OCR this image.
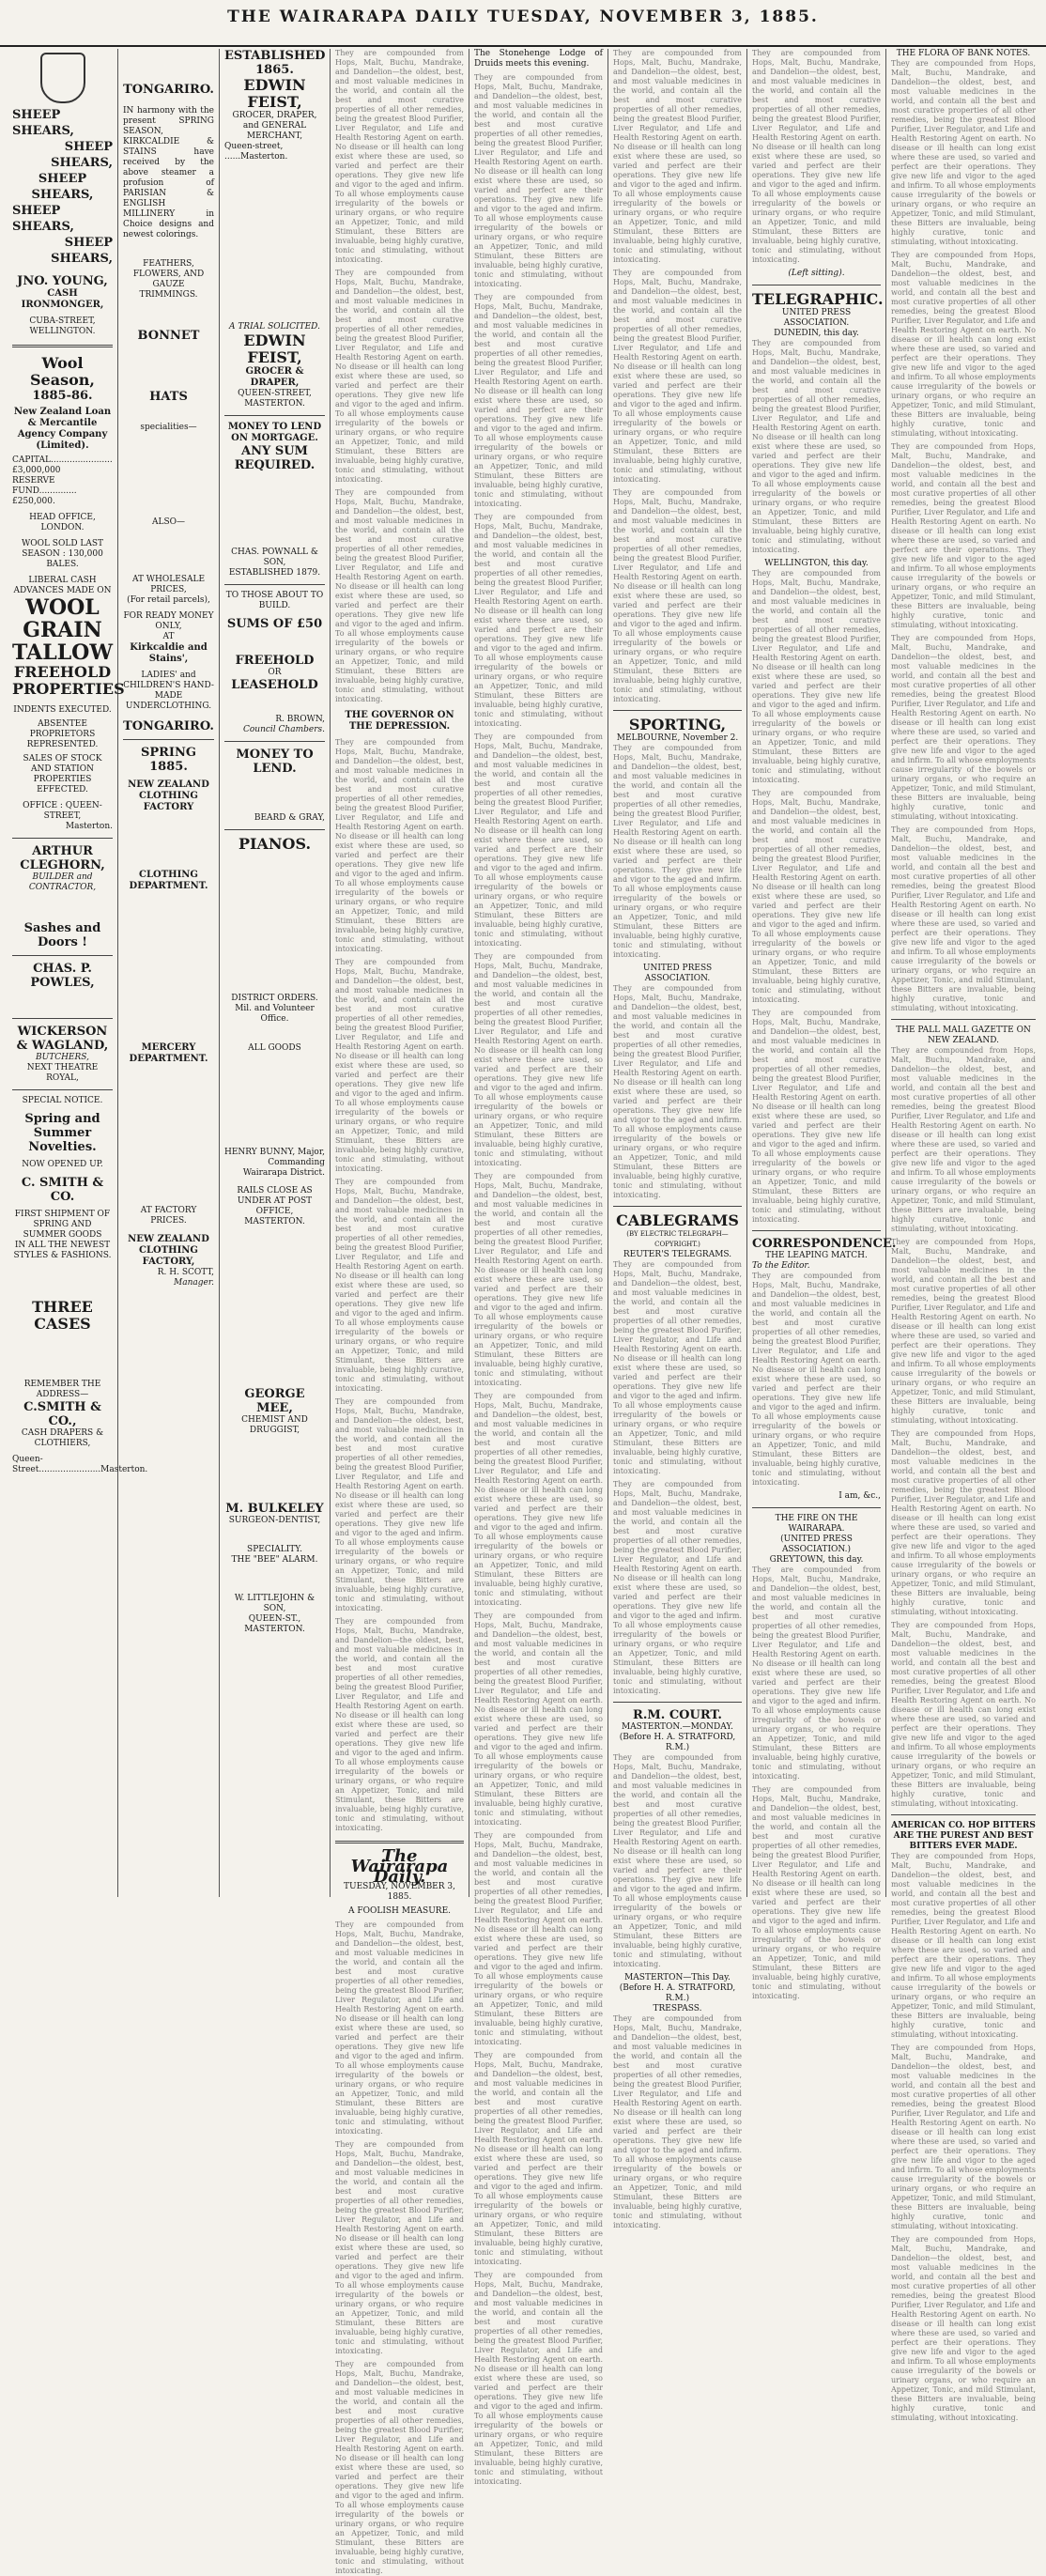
THE WAIRARAPA DAILY TUESDAY, NOVEMBER 3, 1885.
SHEEP SHEARS,
SHEEP SHEARS,
SHEEP SHEARS,
SHEEP SHEARS,
SHEEP SHEARS,
JNO. YOUNG,
CASH IRONMONGER,
CUBA-STREET, WELLINGTON.
Wool Season,
1885-86.
New Zealand Loan & Mercantile Agency Company (Limited).
CAPITAL.......................£3,000,000
RESERVE FUND..............£250,000.
HEAD OFFICE, LONDON.
WOOL SOLD LAST SEASON : 130,000 BALES.
LIBERAL CASH ADVANCES MADE ON
WOOL
GRAIN
TALLOW
FREEHOLD
PROPERTIES
INDENTS EXECUTED.
ABSENTEE PROPRIETORS REPRESENTED.
SALES OF STOCK AND STATION PROPERTIES EFFECTED.
OFFICE : QUEEN-STREET,
Masterton.
ARTHUR CLEGHORN,
BUILDER and CONTRACTOR,
Sashes and Doors !
CHAS. P. POWLES,
WICKERSON & WAGLAND,
BUTCHERS,
NEXT THEATRE ROYAL,
SPECIAL NOTICE.
Spring and Summer Novelties.
NOW OPENED UP.
C. SMITH & CO.
FIRST SHIPMENT OF
SPRING AND SUMMER GOODS
IN ALL THE NEWEST STYLES & FASHIONS.
THREE CASES
REMEMBER THE ADDRESS—
C.SMITH & CO.,
CASH DRAPERS & CLOTHIERS,
Queen-Street.......................Masterton.
TONGARIRO.

IN harmony with the present SPRING SEASON, KIRKCALDIE & STAINS have received by the above steamer a profusion of PARISIAN & ENGLISH MILLINERY in Choice designs and newest colorings.

FEATHERS,
FLOWERS, AND GAUZE TRIMMINGS.
BONNET
HATS
specialities—
ALSO—
AT WHOLESALE PRICES,
(For retail parcels),
FOR READY MONEY ONLY,
AT
Kirkcaldie and Stains',
LADIES' and CHILDREN'S HAND-MADE
UNDERCLOTHING.
TONGARIRO.
SPRING 1885.
NEW ZEALAND CLOTHING FACTORY
CLOTHING DEPARTMENT.
MERCERY DEPARTMENT.
AT FACTORY PRICES.
NEW ZEALAND CLOTHING FACTORY,
R. H. SCOTT,
Manager.
ESTABLISHED 1865.
EDWIN FEIST,
GROCER, DRAPER, and GENERAL MERCHANT,
Queen-street, ......Masterton.
A TRIAL SOLICITED.
EDWIN FEIST,
GROCER & DRAPER,
QUEEN-STREET, MASTERTON.
MONEY TO LEND ON MORTGAGE.
ANY SUM REQUIRED.
CHAS. POWNALL & SON,
ESTABLISHED 1879.
TO THOSE ABOUT TO BUILD.
SUMS OF £50
FREEHOLD
OR
LEASEHOLD
R. BROWN,
Council Chambers.
MONEY TO LEND.
BEARD & GRAY,
PIANOS.
DISTRICT ORDERS.
Mil. and Volunteer Office.
ALL GOODS
HENRY BUNNY, Major,
Commanding Wairarapa District.
RAILS CLOSE AS UNDER AT POST OFFICE, MASTERTON.
GEORGE MEE,
CHEMIST AND DRUGGIST,
M. BULKELEY
SURGEON-DENTIST,
SPECIALITY.
THE "BEE" ALARM.
W. LITTLEJOHN & SON,
QUEEN-ST., MASTERTON.

They are compounded from Hops, Malt, Buchu, Mandrake, and Dandelion—the oldest, best, and most valuable medicines in the world, and contain all the best and most curative properties of all other remedies, being the greatest Blood Purifier, Liver Regulator, and Life and Health Restoring Agent on earth. No disease or ill health can long exist where these are used, so varied and perfect are their operations. They give new life and vigor to the aged and infirm. To all whose employments cause irregularity of the bowels or urinary organs, or who require an Appetizer, Tonic, and mild Stimulant, these Bitters are invaluable, being highly curative, tonic and stimulating, without intoxicating.

They are compounded from Hops, Malt, Buchu, Mandrake, and Dandelion—the oldest, best, and most valuable medicines in the world, and contain all the best and most curative properties of all other remedies, being the greatest Blood Purifier, Liver Regulator, and Life and Health Restoring Agent on earth. No disease or ill health can long exist where these are used, so varied and perfect are their operations. They give new life and vigor to the aged and infirm. To all whose employments cause irregularity of the bowels or urinary organs, or who require an Appetizer, Tonic, and mild Stimulant, these Bitters are invaluable, being highly curative, tonic and stimulating, without intoxicating.

They are compounded from Hops, Malt, Buchu, Mandrake, and Dandelion—the oldest, best, and most valuable medicines in the world, and contain all the best and most curative properties of all other remedies, being the greatest Blood Purifier, Liver Regulator, and Life and Health Restoring Agent on earth. No disease or ill health can long exist where these are used, so varied and perfect are their operations. They give new life and vigor to the aged and infirm. To all whose employments cause irregularity of the bowels or urinary organs, or who require an Appetizer, Tonic, and mild Stimulant, these Bitters are invaluable, being highly curative, tonic and stimulating, without intoxicating.

THE GOVERNOR ON THE DEPRESSION.

They are compounded from Hops, Malt, Buchu, Mandrake, and Dandelion—the oldest, best, and most valuable medicines in the world, and contain all the best and most curative properties of all other remedies, being the greatest Blood Purifier, Liver Regulator, and Life and Health Restoring Agent on earth. No disease or ill health can long exist where these are used, so varied and perfect are their operations. They give new life and vigor to the aged and infirm. To all whose employments cause irregularity of the bowels or urinary organs, or who require an Appetizer, Tonic, and mild Stimulant, these Bitters are invaluable, being highly curative, tonic and stimulating, without intoxicating.

They are compounded from Hops, Malt, Buchu, Mandrake, and Dandelion—the oldest, best, and most valuable medicines in the world, and contain all the best and most curative properties of all other remedies, being the greatest Blood Purifier, Liver Regulator, and Life and Health Restoring Agent on earth. No disease or ill health can long exist where these are used, so varied and perfect are their operations. They give new life and vigor to the aged and infirm. To all whose employments cause irregularity of the bowels or urinary organs, or who require an Appetizer, Tonic, and mild Stimulant, these Bitters are invaluable, being highly curative, tonic and stimulating, without intoxicating.

They are compounded from Hops, Malt, Buchu, Mandrake, and Dandelion—the oldest, best, and most valuable medicines in the world, and contain all the best and most curative properties of all other remedies, being the greatest Blood Purifier, Liver Regulator, and Life and Health Restoring Agent on earth. No disease or ill health can long exist where these are used, so varied and perfect are their operations. They give new life and vigor to the aged and infirm. To all whose employments cause irregularity of the bowels or urinary organs, or who require an Appetizer, Tonic, and mild Stimulant, these Bitters are invaluable, being highly curative, tonic and stimulating, without intoxicating.

They are compounded from Hops, Malt, Buchu, Mandrake, and Dandelion—the oldest, best, and most valuable medicines in the world, and contain all the best and most curative properties of all other remedies, being the greatest Blood Purifier, Liver Regulator, and Life and Health Restoring Agent on earth. No disease or ill health can long exist where these are used, so varied and perfect are their operations. They give new life and vigor to the aged and infirm. To all whose employments cause irregularity of the bowels or urinary organs, or who require an Appetizer, Tonic, and mild Stimulant, these Bitters are invaluable, being highly curative, tonic and stimulating, without intoxicating.

They are compounded from Hops, Malt, Buchu, Mandrake, and Dandelion—the oldest, best, and most valuable medicines in the world, and contain all the best and most curative properties of all other remedies, being the greatest Blood Purifier, Liver Regulator, and Life and Health Restoring Agent on earth. No disease or ill health can long exist where these are used, so varied and perfect are their operations. They give new life and vigor to the aged and infirm. To all whose employments cause irregularity of the bowels or urinary organs, or who require an Appetizer, Tonic, and mild Stimulant, these Bitters are invaluable, being highly curative, tonic and stimulating, without intoxicating.

The Wairarapa Daily.
TUESDAY, NOVEMBER 3, 1885.
A FOOLISH MEASURE.

They are compounded from Hops, Malt, Buchu, Mandrake, and Dandelion—the oldest, best, and most valuable medicines in the world, and contain all the best and most curative properties of all other remedies, being the greatest Blood Purifier, Liver Regulator, and Life and Health Restoring Agent on earth. No disease or ill health can long exist where these are used, so varied and perfect are their operations. They give new life and vigor to the aged and infirm. To all whose employments cause irregularity of the bowels or urinary organs, or who require an Appetizer, Tonic, and mild Stimulant, these Bitters are invaluable, being highly curative, tonic and stimulating, without intoxicating.

They are compounded from Hops, Malt, Buchu, Mandrake, and Dandelion—the oldest, best, and most valuable medicines in the world, and contain all the best and most curative properties of all other remedies, being the greatest Blood Purifier, Liver Regulator, and Life and Health Restoring Agent on earth. No disease or ill health can long exist where these are used, so varied and perfect are their operations. They give new life and vigor to the aged and infirm. To all whose employments cause irregularity of the bowels or urinary organs, or who require an Appetizer, Tonic, and mild Stimulant, these Bitters are invaluable, being highly curative, tonic and stimulating, without intoxicating.

They are compounded from Hops, Malt, Buchu, Mandrake, and Dandelion—the oldest, best, and most valuable medicines in the world, and contain all the best and most curative properties of all other remedies, being the greatest Blood Purifier, Liver Regulator, and Life and Health Restoring Agent on earth. No disease or ill health can long exist where these are used, so varied and perfect are their operations. They give new life and vigor to the aged and infirm. To all whose employments cause irregularity of the bowels or urinary organs, or who require an Appetizer, Tonic, and mild Stimulant, these Bitters are invaluable, being highly curative, tonic and stimulating, without intoxicating.

The Stonehenge Lodge of Druids meets this evening.

They are compounded from Hops, Malt, Buchu, Mandrake, and Dandelion—the oldest, best, and most valuable medicines in the world, and contain all the best and most curative properties of all other remedies, being the greatest Blood Purifier, Liver Regulator, and Life and Health Restoring Agent on earth. No disease or ill health can long exist where these are used, so varied and perfect are their operations. They give new life and vigor to the aged and infirm. To all whose employments cause irregularity of the bowels or urinary organs, or who require an Appetizer, Tonic, and mild Stimulant, these Bitters are invaluable, being highly curative, tonic and stimulating, without intoxicating.

They are compounded from Hops, Malt, Buchu, Mandrake, and Dandelion—the oldest, best, and most valuable medicines in the world, and contain all the best and most curative properties of all other remedies, being the greatest Blood Purifier, Liver Regulator, and Life and Health Restoring Agent on earth. No disease or ill health can long exist where these are used, so varied and perfect are their operations. They give new life and vigor to the aged and infirm. To all whose employments cause irregularity of the bowels or urinary organs, or who require an Appetizer, Tonic, and mild Stimulant, these Bitters are invaluable, being highly curative, tonic and stimulating, without intoxicating.

They are compounded from Hops, Malt, Buchu, Mandrake, and Dandelion—the oldest, best, and most valuable medicines in the world, and contain all the best and most curative properties of all other remedies, being the greatest Blood Purifier, Liver Regulator, and Life and Health Restoring Agent on earth. No disease or ill health can long exist where these are used, so varied and perfect are their operations. They give new life and vigor to the aged and infirm. To all whose employments cause irregularity of the bowels or urinary organs, or who require an Appetizer, Tonic, and mild Stimulant, these Bitters are invaluable, being highly curative, tonic and stimulating, without intoxicating.

They are compounded from Hops, Malt, Buchu, Mandrake, and Dandelion—the oldest, best, and most valuable medicines in the world, and contain all the best and most curative properties of all other remedies, being the greatest Blood Purifier, Liver Regulator, and Life and Health Restoring Agent on earth. No disease or ill health can long exist where these are used, so varied and perfect are their operations. They give new life and vigor to the aged and infirm. To all whose employments cause irregularity of the bowels or urinary organs, or who require an Appetizer, Tonic, and mild Stimulant, these Bitters are invaluable, being highly curative, tonic and stimulating, without intoxicating.

They are compounded from Hops, Malt, Buchu, Mandrake, and Dandelion—the oldest, best, and most valuable medicines in the world, and contain all the best and most curative properties of all other remedies, being the greatest Blood Purifier, Liver Regulator, and Life and Health Restoring Agent on earth. No disease or ill health can long exist where these are used, so varied and perfect are their operations. They give new life and vigor to the aged and infirm. To all whose employments cause irregularity of the bowels or urinary organs, or who require an Appetizer, Tonic, and mild Stimulant, these Bitters are invaluable, being highly curative, tonic and stimulating, without intoxicating.

They are compounded from Hops, Malt, Buchu, Mandrake, and Dandelion—the oldest, best, and most valuable medicines in the world, and contain all the best and most curative properties of all other remedies, being the greatest Blood Purifier, Liver Regulator, and Life and Health Restoring Agent on earth. No disease or ill health can long exist where these are used, so varied and perfect are their operations. They give new life and vigor to the aged and infirm. To all whose employments cause irregularity of the bowels or urinary organs, or who require an Appetizer, Tonic, and mild Stimulant, these Bitters are invaluable, being highly curative, tonic and stimulating, without intoxicating.

They are compounded from Hops, Malt, Buchu, Mandrake, and Dandelion—the oldest, best, and most valuable medicines in the world, and contain all the best and most curative properties of all other remedies, being the greatest Blood Purifier, Liver Regulator, and Life and Health Restoring Agent on earth. No disease or ill health can long exist where these are used, so varied and perfect are their operations. They give new life and vigor to the aged and infirm. To all whose employments cause irregularity of the bowels or urinary organs, or who require an Appetizer, Tonic, and mild Stimulant, these Bitters are invaluable, being highly curative, tonic and stimulating, without intoxicating.

They are compounded from Hops, Malt, Buchu, Mandrake, and Dandelion—the oldest, best, and most valuable medicines in the world, and contain all the best and most curative properties of all other remedies, being the greatest Blood Purifier, Liver Regulator, and Life and Health Restoring Agent on earth. No disease or ill health can long exist where these are used, so varied and perfect are their operations. They give new life and vigor to the aged and infirm. To all whose employments cause irregularity of the bowels or urinary organs, or who require an Appetizer, Tonic, and mild Stimulant, these Bitters are invaluable, being highly curative, tonic and stimulating, without intoxicating.

They are compounded from Hops, Malt, Buchu, Mandrake, and Dandelion—the oldest, best, and most valuable medicines in the world, and contain all the best and most curative properties of all other remedies, being the greatest Blood Purifier, Liver Regulator, and Life and Health Restoring Agent on earth. No disease or ill health can long exist where these are used, so varied and perfect are their operations. They give new life and vigor to the aged and infirm. To all whose employments cause irregularity of the bowels or urinary organs, or who require an Appetizer, Tonic, and mild Stimulant, these Bitters are invaluable, being highly curative, tonic and stimulating, without intoxicating.

They are compounded from Hops, Malt, Buchu, Mandrake, and Dandelion—the oldest, best, and most valuable medicines in the world, and contain all the best and most curative properties of all other remedies, being the greatest Blood Purifier, Liver Regulator, and Life and Health Restoring Agent on earth. No disease or ill health can long exist where these are used, so varied and perfect are their operations. They give new life and vigor to the aged and infirm. To all whose employments cause irregularity of the bowels or urinary organs, or who require an Appetizer, Tonic, and mild Stimulant, these Bitters are invaluable, being highly curative, tonic and stimulating, without intoxicating.

They are compounded from Hops, Malt, Buchu, Mandrake, and Dandelion—the oldest, best, and most valuable medicines in the world, and contain all the best and most curative properties of all other remedies, being the greatest Blood Purifier, Liver Regulator, and Life and Health Restoring Agent on earth. No disease or ill health can long exist where these are used, so varied and perfect are their operations. They give new life and vigor to the aged and infirm. To all whose employments cause irregularity of the bowels or urinary organs, or who require an Appetizer, Tonic, and mild Stimulant, these Bitters are invaluable, being highly curative, tonic and stimulating, without intoxicating.

They are compounded from Hops, Malt, Buchu, Mandrake, and Dandelion—the oldest, best, and most valuable medicines in the world, and contain all the best and most curative properties of all other remedies, being the greatest Blood Purifier, Liver Regulator, and Life and Health Restoring Agent on earth. No disease or ill health can long exist where these are used, so varied and perfect are their operations. They give new life and vigor to the aged and infirm. To all whose employments cause irregularity of the bowels or urinary organs, or who require an Appetizer, Tonic, and mild Stimulant, these Bitters are invaluable, being highly curative, tonic and stimulating, without intoxicating.

They are compounded from Hops, Malt, Buchu, Mandrake, and Dandelion—the oldest, best, and most valuable medicines in the world, and contain all the best and most curative properties of all other remedies, being the greatest Blood Purifier, Liver Regulator, and Life and Health Restoring Agent on earth. No disease or ill health can long exist where these are used, so varied and perfect are their operations. They give new life and vigor to the aged and infirm. To all whose employments cause irregularity of the bowels or urinary organs, or who require an Appetizer, Tonic, and mild Stimulant, these Bitters are invaluable, being highly curative, tonic and stimulating, without intoxicating.

They are compounded from Hops, Malt, Buchu, Mandrake, and Dandelion—the oldest, best, and most valuable medicines in the world, and contain all the best and most curative properties of all other remedies, being the greatest Blood Purifier, Liver Regulator, and Life and Health Restoring Agent on earth. No disease or ill health can long exist where these are used, so varied and perfect are their operations. They give new life and vigor to the aged and infirm. To all whose employments cause irregularity of the bowels or urinary organs, or who require an Appetizer, Tonic, and mild Stimulant, these Bitters are invaluable, being highly curative, tonic and stimulating, without intoxicating.

SPORTING,
MELBOURNE, November 2.

They are compounded from Hops, Malt, Buchu, Mandrake, and Dandelion—the oldest, best, and most valuable medicines in the world, and contain all the best and most curative properties of all other remedies, being the greatest Blood Purifier, Liver Regulator, and Life and Health Restoring Agent on earth. No disease or ill health can long exist where these are used, so varied and perfect are their operations. They give new life and vigor to the aged and infirm. To all whose employments cause irregularity of the bowels or urinary organs, or who require an Appetizer, Tonic, and mild Stimulant, these Bitters are invaluable, being highly curative, tonic and stimulating, without intoxicating.

UNITED PRESS ASSOCIATION.

They are compounded from Hops, Malt, Buchu, Mandrake, and Dandelion—the oldest, best, and most valuable medicines in the world, and contain all the best and most curative properties of all other remedies, being the greatest Blood Purifier, Liver Regulator, and Life and Health Restoring Agent on earth. No disease or ill health can long exist where these are used, so varied and perfect are their operations. They give new life and vigor to the aged and infirm. To all whose employments cause irregularity of the bowels or urinary organs, or who require an Appetizer, Tonic, and mild Stimulant, these Bitters are invaluable, being highly curative, tonic and stimulating, without intoxicating.

CABLEGRAMS
(BY ELECTRIC TELEGRAPH—COPYRIGHT.)
REUTER'S TELEGRAMS.

They are compounded from Hops, Malt, Buchu, Mandrake, and Dandelion—the oldest, best, and most valuable medicines in the world, and contain all the best and most curative properties of all other remedies, being the greatest Blood Purifier, Liver Regulator, and Life and Health Restoring Agent on earth. No disease or ill health can long exist where these are used, so varied and perfect are their operations. They give new life and vigor to the aged and infirm. To all whose employments cause irregularity of the bowels or urinary organs, or who require an Appetizer, Tonic, and mild Stimulant, these Bitters are invaluable, being highly curative, tonic and stimulating, without intoxicating.

They are compounded from Hops, Malt, Buchu, Mandrake, and Dandelion—the oldest, best, and most valuable medicines in the world, and contain all the best and most curative properties of all other remedies, being the greatest Blood Purifier, Liver Regulator, and Life and Health Restoring Agent on earth. No disease or ill health can long exist where these are used, so varied and perfect are their operations. They give new life and vigor to the aged and infirm. To all whose employments cause irregularity of the bowels or urinary organs, or who require an Appetizer, Tonic, and mild Stimulant, these Bitters are invaluable, being highly curative, tonic and stimulating, without intoxicating.

R.M. COURT.
MASTERTON.—MONDAY.
(Before H. A. STRATFORD, R.M.)

They are compounded from Hops, Malt, Buchu, Mandrake, and Dandelion—the oldest, best, and most valuable medicines in the world, and contain all the best and most curative properties of all other remedies, being the greatest Blood Purifier, Liver Regulator, and Life and Health Restoring Agent on earth. No disease or ill health can long exist where these are used, so varied and perfect are their operations. They give new life and vigor to the aged and infirm. To all whose employments cause irregularity of the bowels or urinary organs, or who require an Appetizer, Tonic, and mild Stimulant, these Bitters are invaluable, being highly curative, tonic and stimulating, without intoxicating.

MASTERTON—This Day.
(Before H. A. STRATFORD, R.M.)
TRESPASS.

They are compounded from Hops, Malt, Buchu, Mandrake, and Dandelion—the oldest, best, and most valuable medicines in the world, and contain all the best and most curative properties of all other remedies, being the greatest Blood Purifier, Liver Regulator, and Life and Health Restoring Agent on earth. No disease or ill health can long exist where these are used, so varied and perfect are their operations. They give new life and vigor to the aged and infirm. To all whose employments cause irregularity of the bowels or urinary organs, or who require an Appetizer, Tonic, and mild Stimulant, these Bitters are invaluable, being highly curative, tonic and stimulating, without intoxicating.

They are compounded from Hops, Malt, Buchu, Mandrake, and Dandelion—the oldest, best, and most valuable medicines in the world, and contain all the best and most curative properties of all other remedies, being the greatest Blood Purifier, Liver Regulator, and Life and Health Restoring Agent on earth. No disease or ill health can long exist where these are used, so varied and perfect are their operations. They give new life and vigor to the aged and infirm. To all whose employments cause irregularity of the bowels or urinary organs, or who require an Appetizer, Tonic, and mild Stimulant, these Bitters are invaluable, being highly curative, tonic and stimulating, without intoxicating.

(Left sitting).
TELEGRAPHIC.
UNITED PRESS ASSOCIATION.
DUNEDIN, this day.

They are compounded from Hops, Malt, Buchu, Mandrake, and Dandelion—the oldest, best, and most valuable medicines in the world, and contain all the best and most curative properties of all other remedies, being the greatest Blood Purifier, Liver Regulator, and Life and Health Restoring Agent on earth. No disease or ill health can long exist where these are used, so varied and perfect are their operations. They give new life and vigor to the aged and infirm. To all whose employments cause irregularity of the bowels or urinary organs, or who require an Appetizer, Tonic, and mild Stimulant, these Bitters are invaluable, being highly curative, tonic and stimulating, without intoxicating.

WELLINGTON, this day.

They are compounded from Hops, Malt, Buchu, Mandrake, and Dandelion—the oldest, best, and most valuable medicines in the world, and contain all the best and most curative properties of all other remedies, being the greatest Blood Purifier, Liver Regulator, and Life and Health Restoring Agent on earth. No disease or ill health can long exist where these are used, so varied and perfect are their operations. They give new life and vigor to the aged and infirm. To all whose employments cause irregularity of the bowels or urinary organs, or who require an Appetizer, Tonic, and mild Stimulant, these Bitters are invaluable, being highly curative, tonic and stimulating, without intoxicating.

They are compounded from Hops, Malt, Buchu, Mandrake, and Dandelion—the oldest, best, and most valuable medicines in the world, and contain all the best and most curative properties of all other remedies, being the greatest Blood Purifier, Liver Regulator, and Life and Health Restoring Agent on earth. No disease or ill health can long exist where these are used, so varied and perfect are their operations. They give new life and vigor to the aged and infirm. To all whose employments cause irregularity of the bowels or urinary organs, or who require an Appetizer, Tonic, and mild Stimulant, these Bitters are invaluable, being highly curative, tonic and stimulating, without intoxicating.

They are compounded from Hops, Malt, Buchu, Mandrake, and Dandelion—the oldest, best, and most valuable medicines in the world, and contain all the best and most curative properties of all other remedies, being the greatest Blood Purifier, Liver Regulator, and Life and Health Restoring Agent on earth. No disease or ill health can long exist where these are used, so varied and perfect are their operations. They give new life and vigor to the aged and infirm. To all whose employments cause irregularity of the bowels or urinary organs, or who require an Appetizer, Tonic, and mild Stimulant, these Bitters are invaluable, being highly curative, tonic and stimulating, without intoxicating.

CORRESPONDENCE.
THE LEAPING MATCH.
To the Editor.

They are compounded from Hops, Malt, Buchu, Mandrake, and Dandelion—the oldest, best, and most valuable medicines in the world, and contain all the best and most curative properties of all other remedies, being the greatest Blood Purifier, Liver Regulator, and Life and Health Restoring Agent on earth. No disease or ill health can long exist where these are used, so varied and perfect are their operations. They give new life and vigor to the aged and infirm. To all whose employments cause irregularity of the bowels or urinary organs, or who require an Appetizer, Tonic, and mild Stimulant, these Bitters are invaluable, being highly curative, tonic and stimulating, without intoxicating.

I am, &c.,
THE FIRE ON THE WAIRARAPA.
(UNITED PRESS ASSOCIATION.)
GREYTOWN, this day.

They are compounded from Hops, Malt, Buchu, Mandrake, and Dandelion—the oldest, best, and most valuable medicines in the world, and contain all the best and most curative properties of all other remedies, being the greatest Blood Purifier, Liver Regulator, and Life and Health Restoring Agent on earth. No disease or ill health can long exist where these are used, so varied and perfect are their operations. They give new life and vigor to the aged and infirm. To all whose employments cause irregularity of the bowels or urinary organs, or who require an Appetizer, Tonic, and mild Stimulant, these Bitters are invaluable, being highly curative, tonic and stimulating, without intoxicating.

They are compounded from Hops, Malt, Buchu, Mandrake, and Dandelion—the oldest, best, and most valuable medicines in the world, and contain all the best and most curative properties of all other remedies, being the greatest Blood Purifier, Liver Regulator, and Life and Health Restoring Agent on earth. No disease or ill health can long exist where these are used, so varied and perfect are their operations. They give new life and vigor to the aged and infirm. To all whose employments cause irregularity of the bowels or urinary organs, or who require an Appetizer, Tonic, and mild Stimulant, these Bitters are invaluable, being highly curative, tonic and stimulating, without intoxicating.

THE FLORA OF BANK NOTES.

They are compounded from Hops, Malt, Buchu, Mandrake, and Dandelion—the oldest, best, and most valuable medicines in the world, and contain all the best and most curative properties of all other remedies, being the greatest Blood Purifier, Liver Regulator, and Life and Health Restoring Agent on earth. No disease or ill health can long exist where these are used, so varied and perfect are their operations. They give new life and vigor to the aged and infirm. To all whose employments cause irregularity of the bowels or urinary organs, or who require an Appetizer, Tonic, and mild Stimulant, these Bitters are invaluable, being highly curative, tonic and stimulating, without intoxicating.

They are compounded from Hops, Malt, Buchu, Mandrake, and Dandelion—the oldest, best, and most valuable medicines in the world, and contain all the best and most curative properties of all other remedies, being the greatest Blood Purifier, Liver Regulator, and Life and Health Restoring Agent on earth. No disease or ill health can long exist where these are used, so varied and perfect are their operations. They give new life and vigor to the aged and infirm. To all whose employments cause irregularity of the bowels or urinary organs, or who require an Appetizer, Tonic, and mild Stimulant, these Bitters are invaluable, being highly curative, tonic and stimulating, without intoxicating.

They are compounded from Hops, Malt, Buchu, Mandrake, and Dandelion—the oldest, best, and most valuable medicines in the world, and contain all the best and most curative properties of all other remedies, being the greatest Blood Purifier, Liver Regulator, and Life and Health Restoring Agent on earth. No disease or ill health can long exist where these are used, so varied and perfect are their operations. They give new life and vigor to the aged and infirm. To all whose employments cause irregularity of the bowels or urinary organs, or who require an Appetizer, Tonic, and mild Stimulant, these Bitters are invaluable, being highly curative, tonic and stimulating, without intoxicating.

They are compounded from Hops, Malt, Buchu, Mandrake, and Dandelion—the oldest, best, and most valuable medicines in the world, and contain all the best and most curative properties of all other remedies, being the greatest Blood Purifier, Liver Regulator, and Life and Health Restoring Agent on earth. No disease or ill health can long exist where these are used, so varied and perfect are their operations. They give new life and vigor to the aged and infirm. To all whose employments cause irregularity of the bowels or urinary organs, or who require an Appetizer, Tonic, and mild Stimulant, these Bitters are invaluable, being highly curative, tonic and stimulating, without intoxicating.

They are compounded from Hops, Malt, Buchu, Mandrake, and Dandelion—the oldest, best, and most valuable medicines in the world, and contain all the best and most curative properties of all other remedies, being the greatest Blood Purifier, Liver Regulator, and Life and Health Restoring Agent on earth. No disease or ill health can long exist where these are used, so varied and perfect are their operations. They give new life and vigor to the aged and infirm. To all whose employments cause irregularity of the bowels or urinary organs, or who require an Appetizer, Tonic, and mild Stimulant, these Bitters are invaluable, being highly curative, tonic and stimulating, without intoxicating.

THE PALL MALL GAZETTE ON NEW ZEALAND.

They are compounded from Hops, Malt, Buchu, Mandrake, and Dandelion—the oldest, best, and most valuable medicines in the world, and contain all the best and most curative properties of all other remedies, being the greatest Blood Purifier, Liver Regulator, and Life and Health Restoring Agent on earth. No disease or ill health can long exist where these are used, so varied and perfect are their operations. They give new life and vigor to the aged and infirm. To all whose employments cause irregularity of the bowels or urinary organs, or who require an Appetizer, Tonic, and mild Stimulant, these Bitters are invaluable, being highly curative, tonic and stimulating, without intoxicating.

They are compounded from Hops, Malt, Buchu, Mandrake, and Dandelion—the oldest, best, and most valuable medicines in the world, and contain all the best and most curative properties of all other remedies, being the greatest Blood Purifier, Liver Regulator, and Life and Health Restoring Agent on earth. No disease or ill health can long exist where these are used, so varied and perfect are their operations. They give new life and vigor to the aged and infirm. To all whose employments cause irregularity of the bowels or urinary organs, or who require an Appetizer, Tonic, and mild Stimulant, these Bitters are invaluable, being highly curative, tonic and stimulating, without intoxicating.

They are compounded from Hops, Malt, Buchu, Mandrake, and Dandelion—the oldest, best, and most valuable medicines in the world, and contain all the best and most curative properties of all other remedies, being the greatest Blood Purifier, Liver Regulator, and Life and Health Restoring Agent on earth. No disease or ill health can long exist where these are used, so varied and perfect are their operations. They give new life and vigor to the aged and infirm. To all whose employments cause irregularity of the bowels or urinary organs, or who require an Appetizer, Tonic, and mild Stimulant, these Bitters are invaluable, being highly curative, tonic and stimulating, without intoxicating.

They are compounded from Hops, Malt, Buchu, Mandrake, and Dandelion—the oldest, best, and most valuable medicines in the world, and contain all the best and most curative properties of all other remedies, being the greatest Blood Purifier, Liver Regulator, and Life and Health Restoring Agent on earth. No disease or ill health can long exist where these are used, so varied and perfect are their operations. They give new life and vigor to the aged and infirm. To all whose employments cause irregularity of the bowels or urinary organs, or who require an Appetizer, Tonic, and mild Stimulant, these Bitters are invaluable, being highly curative, tonic and stimulating, without intoxicating.

AMERICAN CO. HOP BITTERS ARE THE PUREST AND BEST BITTERS EVER MADE.

They are compounded from Hops, Malt, Buchu, Mandrake, and Dandelion—the oldest, best, and most valuable medicines in the world, and contain all the best and most curative properties of all other remedies, being the greatest Blood Purifier, Liver Regulator, and Life and Health Restoring Agent on earth. No disease or ill health can long exist where these are used, so varied and perfect are their operations. They give new life and vigor to the aged and infirm. To all whose employments cause irregularity of the bowels or urinary organs, or who require an Appetizer, Tonic, and mild Stimulant, these Bitters are invaluable, being highly curative, tonic and stimulating, without intoxicating.

They are compounded from Hops, Malt, Buchu, Mandrake, and Dandelion—the oldest, best, and most valuable medicines in the world, and contain all the best and most curative properties of all other remedies, being the greatest Blood Purifier, Liver Regulator, and Life and Health Restoring Agent on earth. No disease or ill health can long exist where these are used, so varied and perfect are their operations. They give new life and vigor to the aged and infirm. To all whose employments cause irregularity of the bowels or urinary organs, or who require an Appetizer, Tonic, and mild Stimulant, these Bitters are invaluable, being highly curative, tonic and stimulating, without intoxicating.

They are compounded from Hops, Malt, Buchu, Mandrake, and Dandelion—the oldest, best, and most valuable medicines in the world, and contain all the best and most curative properties of all other remedies, being the greatest Blood Purifier, Liver Regulator, and Life and Health Restoring Agent on earth. No disease or ill health can long exist where these are used, so varied and perfect are their operations. They give new life and vigor to the aged and infirm. To all whose employments cause irregularity of the bowels or urinary organs, or who require an Appetizer, Tonic, and mild Stimulant, these Bitters are invaluable, being highly curative, tonic and stimulating, without intoxicating.
